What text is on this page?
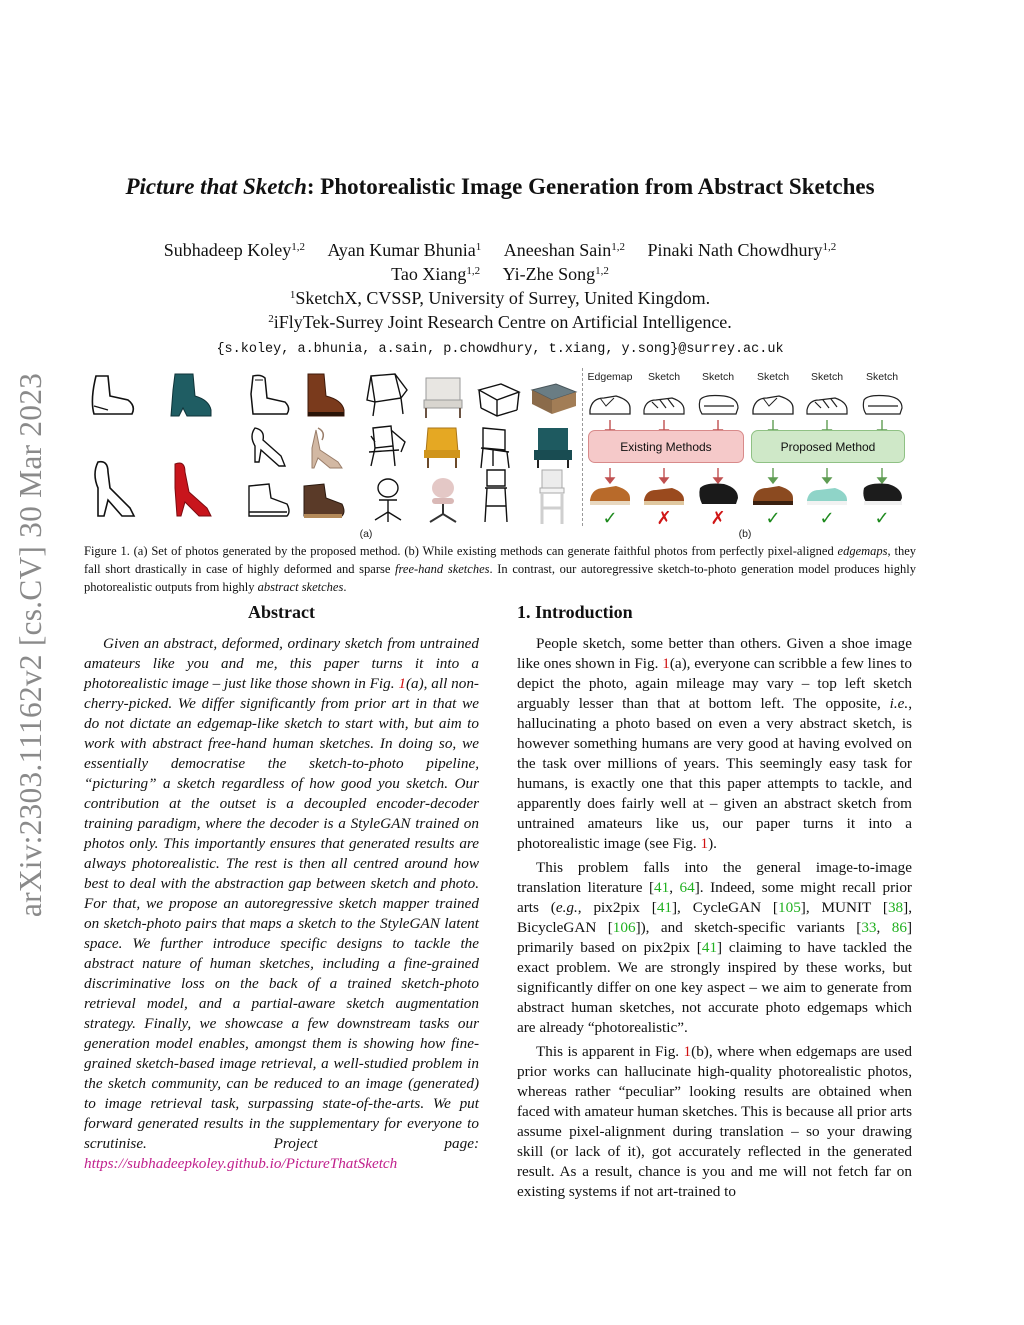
arXiv:2303.11162v2 [cs.CV] 30 Mar 2023
Picture that Sketch: Photorealistic Image Generation from Abstract Sketches
Subhadeep Koley$^{1,2}$ Ayan Kumar Bhunia$^1$ Aneeshan Sain$^{1,2}$ Pinaki Nath Chowdhury$^{1,2}$
Tao Xiang$^{1,2}$ Yi-Zhe Song$^{1,2}$
$^1$SketchX, CVSSP, University of Surrey, United Kingdom.
$^2$iFlyTek-Surrey Joint Research Centre on Artificial Intelligence.
{s.koley, a.bhunia, a.sain, p.chowdhury, t.xiang, y.song}@surrey.ac.uk
(a)
Edgemap	Sketch	Sketch	Sketch	Sketch	Sketch
Existing Methods	Proposed Method
✓	✗	✗	✓	✓	✓
(b)
Figure 1. (a) Set of photos generated by the proposed method. (b) While existing methods can generate faithful photos from perfectly pixel-aligned edgemaps, they fall short drastically in case of highly deformed and sparse free-hand sketches. In contrast, our autoregressive sketch-to-photo generation model produces highly photorealistic outputs from highly abstract sketches.
Abstract
Given an abstract, deformed, ordinary sketch from untrained amateurs like you and me, this paper turns it into a photorealistic image – just like those shown in Fig. 1(a), all non-cherry-picked. We differ significantly from prior art in that we do not dictate an edgemap-like sketch to start with, but aim to work with abstract free-hand human sketches. In doing so, we essentially democratise the sketch-to-photo pipeline, “picturing” a sketch regardless of how good you sketch. Our contribution at the outset is a decoupled encoder-decoder training paradigm, where the decoder is a StyleGAN trained on photos only. This importantly ensures that generated results are always photorealistic. The rest is then all centred around how best to deal with the abstraction gap between sketch and photo. For that, we propose an autoregressive sketch mapper trained on sketch-photo pairs that maps a sketch to the StyleGAN latent space. We further introduce specific designs to tackle the abstract nature of human sketches, including a fine-grained discriminative loss on the back of a trained sketch-photo retrieval model, and a partial-aware sketch augmentation strategy. Finally, we showcase a few downstream tasks our generation model enables, amongst them is showing how fine-grained sketch-based image retrieval, a well-studied problem in the sketch community, can be reduced to an image (generated) to image retrieval task, surpassing state-of-the-arts. We put forward generated results in the supplementary for everyone to scrutinise. Project page: https://subhadeepkoley.github.io/PictureThatSketch
1. Introduction

People sketch, some better than others. Given a shoe image like ones shown in Fig. 1(a), everyone can scribble a few lines to depict the photo, again mileage may vary – top left sketch arguably lesser than that at bottom left. The opposite, i.e., hallucinating a photo based on even a very abstract sketch, is however something humans are very good at having evolved on the task over millions of years. This seemingly easy task for humans, is exactly one that this paper attempts to tackle, and apparently does fairly well at – given an abstract sketch from untrained amateurs like us, our paper turns it into a photorealistic image (see Fig. 1).

This problem falls into the general image-to-image translation literature [41, 64]. Indeed, some might recall prior arts (e.g., pix2pix [41], CycleGAN [105], MUNIT [38], BicycleGAN [106]), and sketch-specific variants [33, 86] primarily based on pix2pix [41] claiming to have tackled the exact problem. We are strongly inspired by these works, but significantly differ on one key aspect – we aim to generate from abstract human sketches, not accurate photo edgemaps which are already “photorealistic”.

This is apparent in Fig. 1(b), where when edgemaps are used prior works can hallucinate high-quality photorealistic photos, whereas rather “peculiar” looking results are obtained when faced with amateur human sketches. This is because all prior arts assume pixel-alignment during translation – so your drawing skill (or lack of it), got accurately reflected in the generated result. As a result, chance is you and me will not fetch far on existing systems if not art-trained to
